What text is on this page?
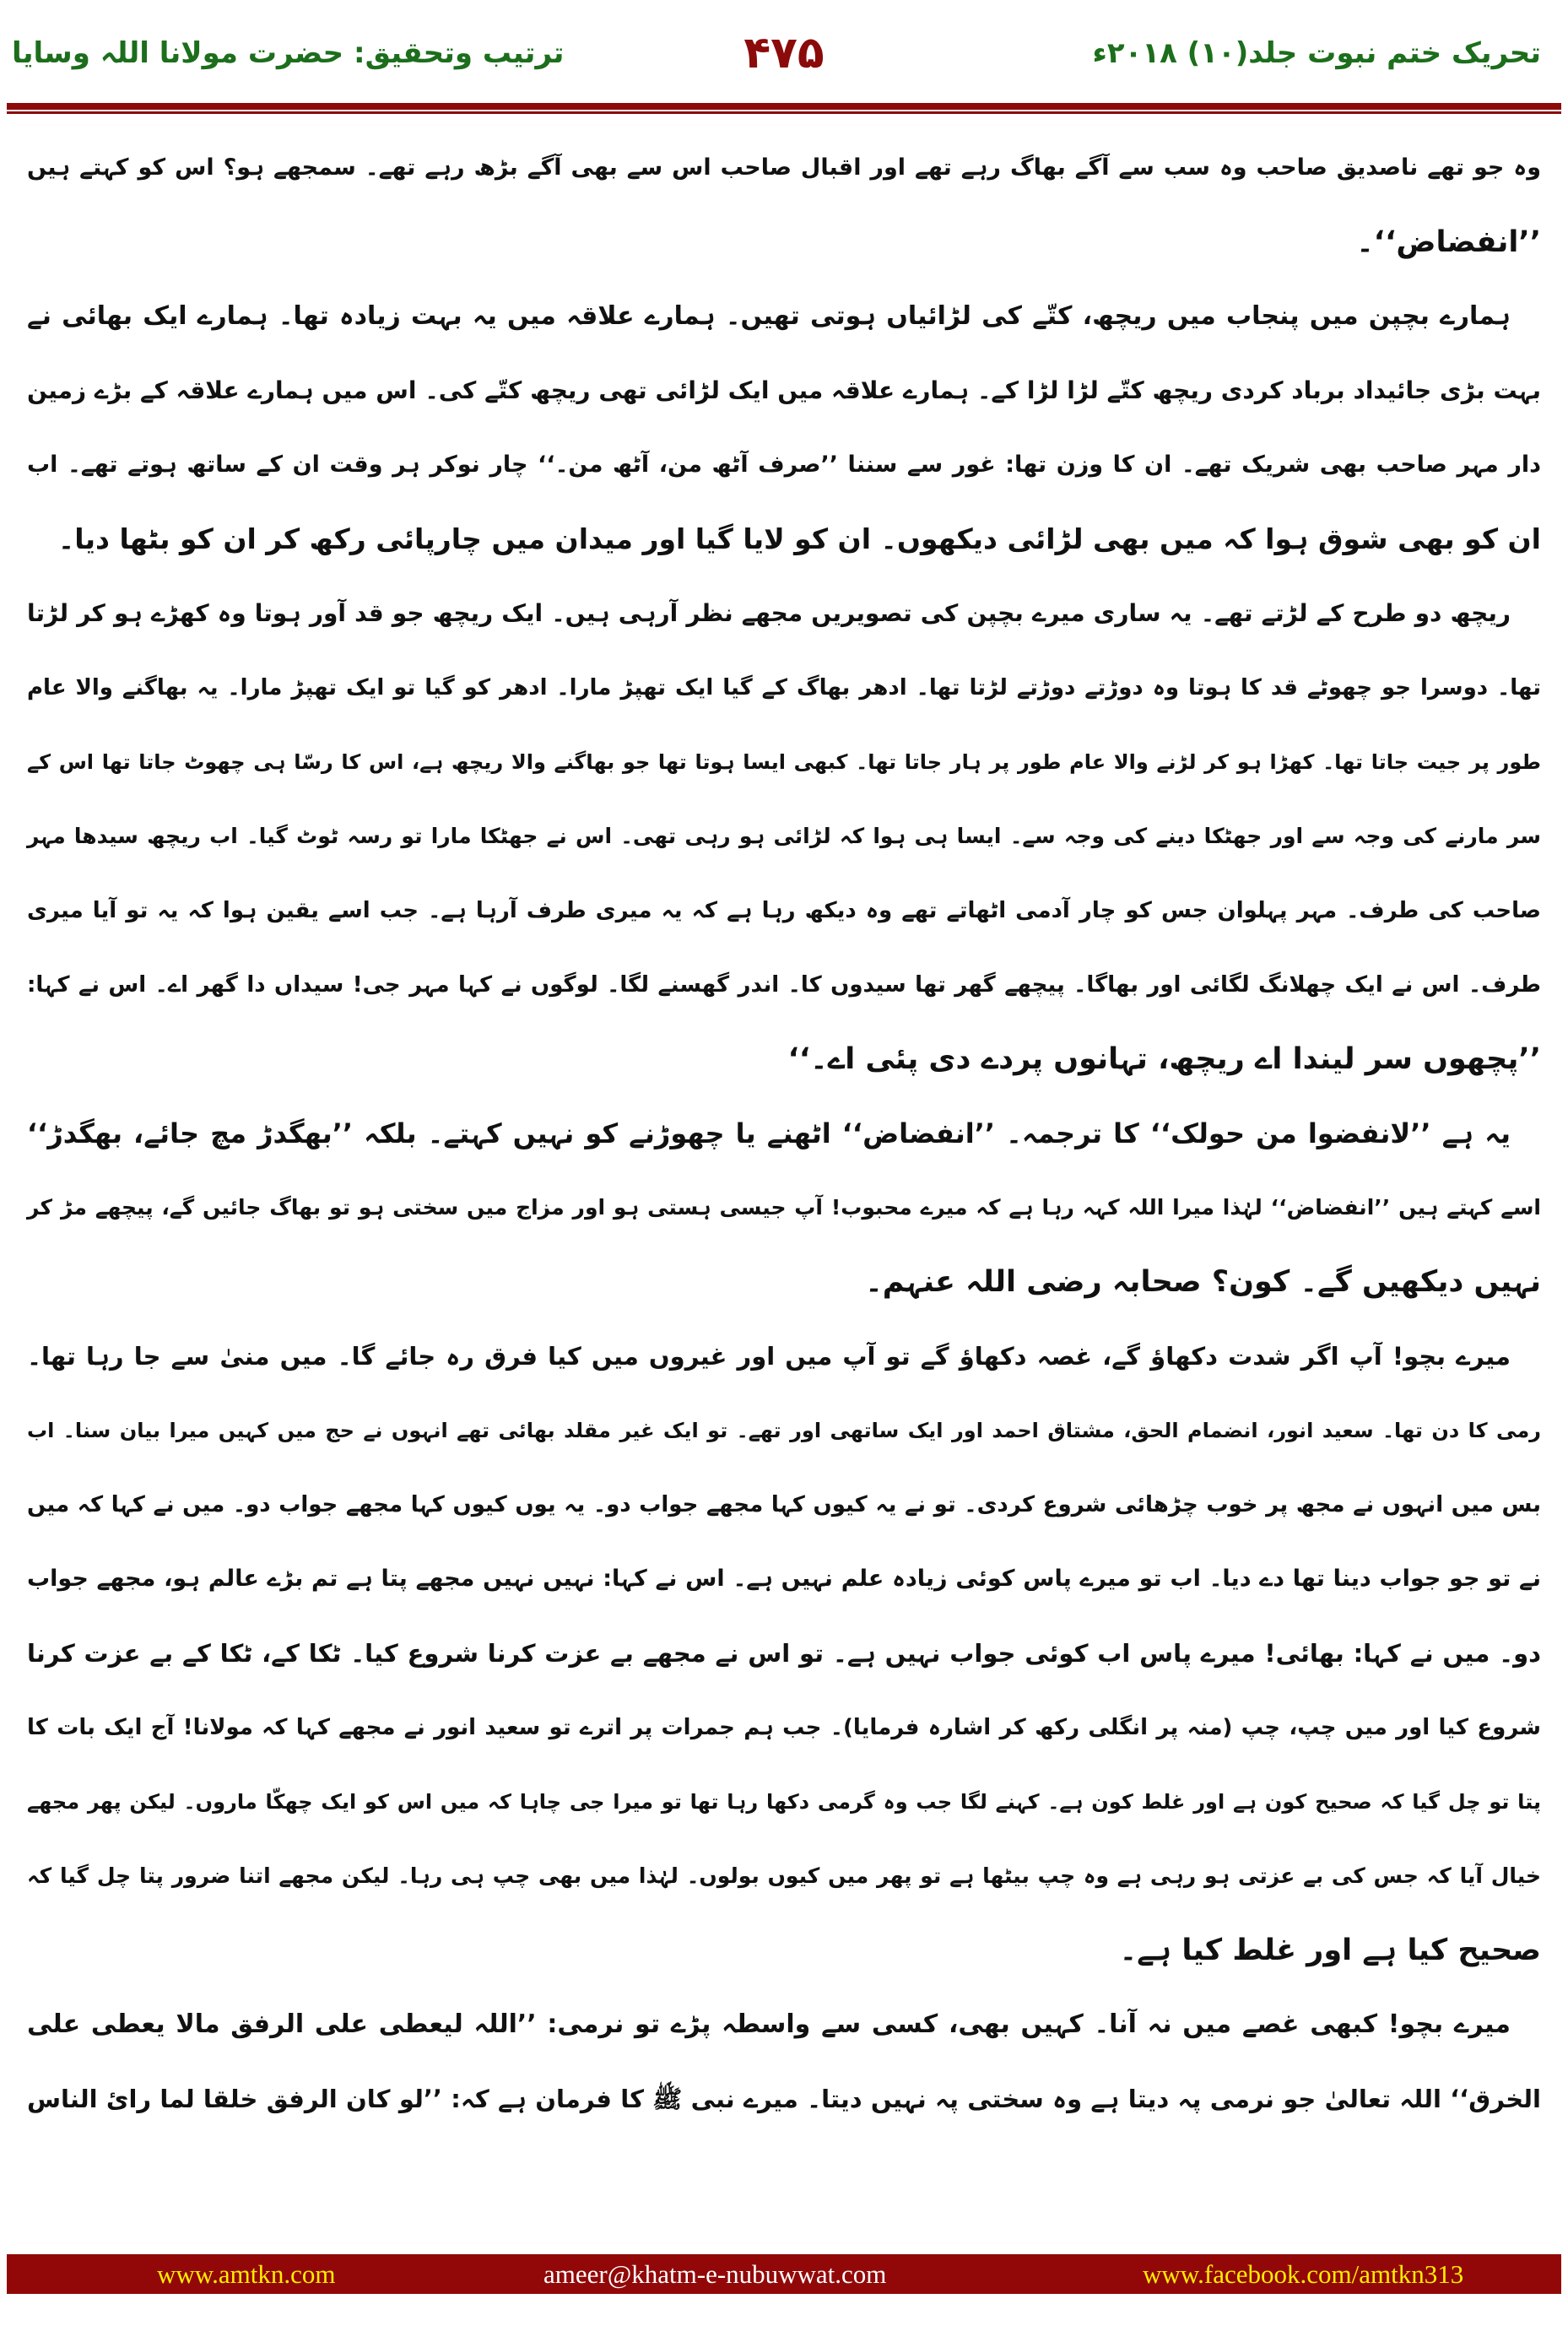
تحریک ختم نبوت جلد(۱۰) ۲۰۱۸ء
۴۷۵
ترتیب وتحقیق: حضرت مولانا اللہ وسایا
وہ جو تھے ناصدیق صاحب وہ سب سے آگے بھاگ رہے تھے اور اقبال صاحب اس سے بھی آگے بڑھ رہے تھے۔ سمجھے ہو؟ اس کو کہتے ہیں
’’انفضاض‘‘۔
ہمارے بچپن میں پنجاب میں ریچھ، کتّے کی لڑائیاں ہوتی تھیں۔ ہمارے علاقہ میں یہ بہت زیادہ تھا۔ ہمارے ایک بھائی نے
بہت بڑی جائیداد برباد کردی ریچھ کتّے لڑا لڑا کے۔ ہمارے علاقہ میں ایک لڑائی تھی ریچھ کتّے کی۔ اس میں ہمارے علاقہ کے بڑے زمین
دار مہر صاحب بھی شریک تھے۔ ان کا وزن تھا: غور سے سننا ’’صرف آٹھ من، آٹھ من۔‘‘ چار نوکر ہر وقت ان کے ساتھ ہوتے تھے۔ اب
ان کو بھی شوق ہوا کہ میں بھی لڑائی دیکھوں۔ ان کو لایا گیا اور میدان میں چارپائی رکھ کر ان کو بٹھا دیا۔
ریچھ دو طرح کے لڑتے تھے۔ یہ ساری میرے بچپن کی تصویریں مجھے نظر آرہی ہیں۔ ایک ریچھ جو قد آور ہوتا وہ کھڑے ہو کر لڑتا
تھا۔ دوسرا جو چھوٹے قد کا ہوتا وہ دوڑتے دوڑتے لڑتا تھا۔ ادھر بھاگ کے گیا ایک تھپڑ مارا۔ ادھر کو گیا تو ایک تھپڑ مارا۔ یہ بھاگنے والا عام
طور پر جیت جاتا تھا۔ کھڑا ہو کر لڑنے والا عام طور پر ہار جاتا تھا۔ کبھی ایسا ہوتا تھا جو بھاگنے والا ریچھ ہے، اس کا رسّا ہی چھوٹ جاتا تھا اس کے
سر مارنے کی وجہ سے اور جھٹکا دینے کی وجہ سے۔ ایسا ہی ہوا کہ لڑائی ہو رہی تھی۔ اس نے جھٹکا مارا تو رسہ ٹوٹ گیا۔ اب ریچھ سیدھا مہر
صاحب کی طرف۔ مہر پہلوان جس کو چار آدمی اٹھاتے تھے وہ دیکھ رہا ہے کہ یہ میری طرف آرہا ہے۔ جب اسے یقین ہوا کہ یہ تو آیا میری
طرف۔ اس نے ایک چھلانگ لگائی اور بھاگا۔ پیچھے گھر تھا سیدوں کا۔ اندر گھسنے لگا۔ لوگوں نے کہا مہر جی! سیداں دا گھر اے۔ اس نے کہا:
’’پچھوں سر لیندا اے ریچھ، تہانوں پردے دی پئی اے۔‘‘
یہ ہے ’’لانفضوا من حولک‘‘ کا ترجمہ۔ ’’انفضاض‘‘ اٹھنے یا چھوڑنے کو نہیں کہتے۔ بلکہ ’’بھگدڑ مچ جائے، بھگدڑ‘‘
اسے کہتے ہیں ’’انفضاض‘‘ لہٰذا میرا اللہ کہہ رہا ہے کہ میرے محبوب! آپ جیسی ہستی ہو اور مزاج میں سختی ہو تو بھاگ جائیں گے، پیچھے مڑ کر
نہیں دیکھیں گے۔ کون؟ صحابہ رضی اللہ عنہم۔
میرے بچو! آپ اگر شدت دکھاؤ گے، غصہ دکھاؤ گے تو آپ میں اور غیروں میں کیا فرق رہ جائے گا۔ میں منیٰ سے جا رہا تھا۔
رمی کا دن تھا۔ سعید انور، انضمام الحق، مشتاق احمد اور ایک ساتھی اور تھے۔ تو ایک غیر مقلد بھائی تھے انہوں نے حج میں کہیں میرا بیان سنا۔ اب
بس میں انہوں نے مجھ پر خوب چڑھائی شروع کردی۔ تو نے یہ کیوں کہا مجھے جواب دو۔ یہ یوں کیوں کہا مجھے جواب دو۔ میں نے کہا کہ میں
نے تو جو جواب دینا تھا دے دیا۔ اب تو میرے پاس کوئی زیادہ علم نہیں ہے۔ اس نے کہا: نہیں نہیں مجھے پتا ہے تم بڑے عالم ہو، مجھے جواب
دو۔ میں نے کہا: بھائی! میرے پاس اب کوئی جواب نہیں ہے۔ تو اس نے مجھے بے عزت کرنا شروع کیا۔ ٹکا کے، ٹکا کے بے عزت کرنا
شروع کیا اور میں چپ، چپ (منہ پر انگلی رکھ کر اشارہ فرمایا)۔ جب ہم جمرات پر اترے تو سعید انور نے مجھے کہا کہ مولانا! آج ایک بات کا
پتا تو چل گیا کہ صحیح کون ہے اور غلط کون ہے۔ کہنے لگا جب وہ گرمی دکھا رہا تھا تو میرا جی چاہا کہ میں اس کو ایک چھکّا ماروں۔ لیکن پھر مجھے
خیال آیا کہ جس کی بے عزتی ہو رہی ہے وہ چپ بیٹھا ہے تو پھر میں کیوں بولوں۔ لہٰذا میں بھی چپ ہی رہا۔ لیکن مجھے اتنا ضرور پتا چل گیا کہ
صحیح کیا ہے اور غلط کیا ہے۔
میرے بچو! کبھی غصے میں نہ آنا۔ کہیں بھی، کسی سے واسطہ پڑے تو نرمی: ’’اللہ لیعطی علی الرفق مالا یعطی علی
الخرق‘‘ اللہ تعالیٰ جو نرمی پہ دیتا ہے وہ سختی پہ نہیں دیتا۔ میرے نبی ﷺ کا فرمان ہے کہ: ’’لو کان الرفق خلقا لما رائ الناس
www.amtkn.com	ameer@khatm-e-nubuwwat.com	www.facebook.com/amtkn313
